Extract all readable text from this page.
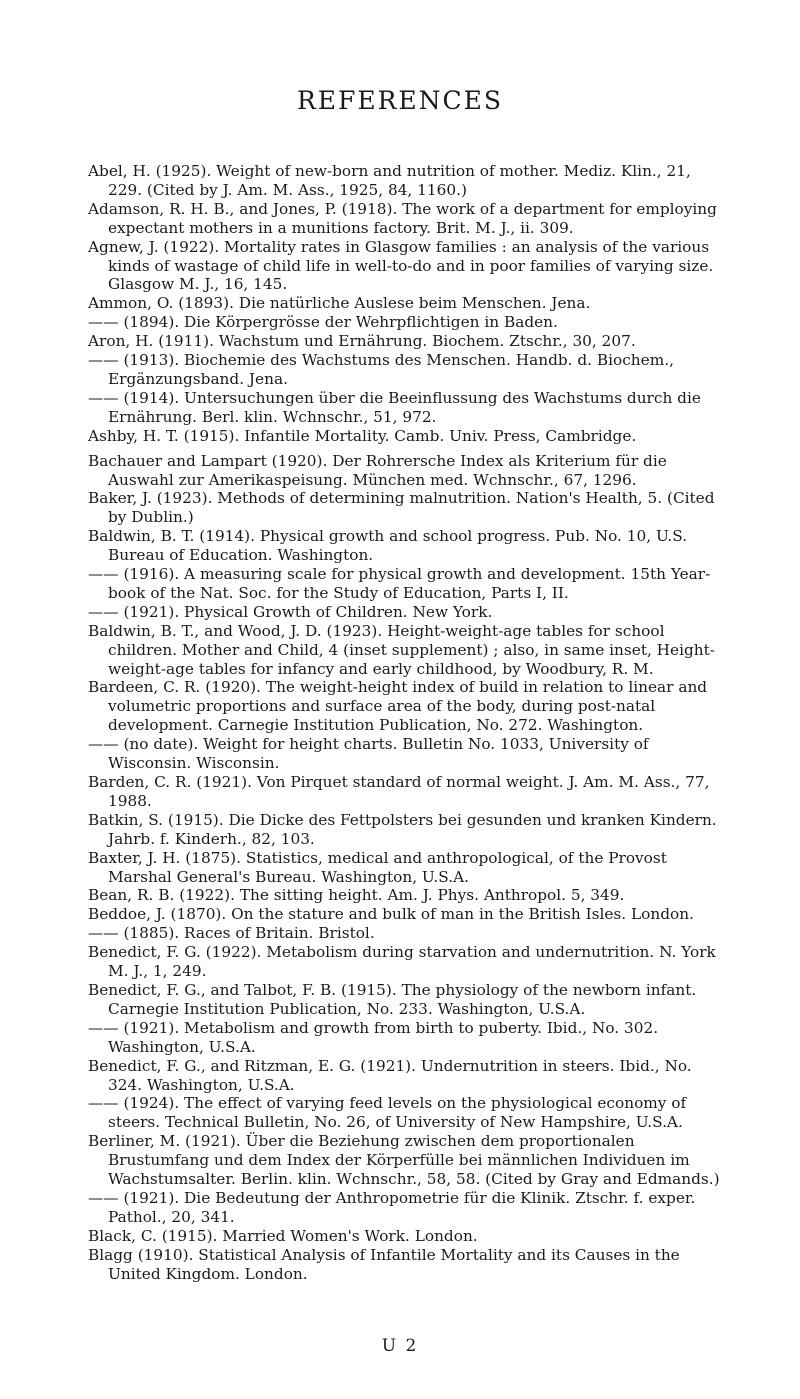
REFERENCES

Abel, H. (1925). Weight of new-born and nutrition of mother. Mediz. Klin., 21, 229. (Cited by J. Am. M. Ass., 1925, 84, 1160.)

Adamson, R. H. B., and Jones, P. (1918). The work of a department for employing expectant mothers in a munitions factory. Brit. M. J., ii. 309.

Agnew, J. (1922). Mortality rates in Glasgow families : an analysis of the various kinds of wastage of child life in well-to-do and in poor families of varying size. Glasgow M. J., 16, 145.

Ammon, O. (1893). Die natürliche Auslese beim Menschen. Jena.

—— (1894). Die Körpergrösse der Wehrpflichtigen in Baden.

Aron, H. (1911). Wachstum und Ernährung. Biochem. Ztschr., 30, 207.

—— (1913). Biochemie des Wachstums des Menschen. Handb. d. Biochem., Ergänzungsband. Jena.

—— (1914). Untersuchungen über die Beeinflussung des Wachstums durch die Ernährung. Berl. klin. Wchnschr., 51, 972.

Ashby, H. T. (1915). Infantile Mortality. Camb. Univ. Press, Cambridge.

Bachauer and Lampart (1920). Der Rohrersche Index als Kriterium für die Auswahl zur Amerikaspeisung. München med. Wchnschr., 67, 1296.

Baker, J. (1923). Methods of determining malnutrition. Nation's Health, 5. (Cited by Dublin.)

Baldwin, B. T. (1914). Physical growth and school progress. Pub. No. 10, U.S. Bureau of Education. Washington.

—— (1916). A measuring scale for physical growth and development. 15th Year-book of the Nat. Soc. for the Study of Education, Parts I, II.

—— (1921). Physical Growth of Children. New York.

Baldwin, B. T., and Wood, J. D. (1923). Height-weight-age tables for school children. Mother and Child, 4 (inset supplement) ; also, in same inset, Height-weight-age tables for infancy and early childhood, by Woodbury, R. M.

Bardeen, C. R. (1920). The weight-height index of build in relation to linear and volumetric proportions and surface area of the body, during post-natal development. Carnegie Institution Publication, No. 272. Washington.

—— (no date). Weight for height charts. Bulletin No. 1033, University of Wisconsin. Wisconsin.

Barden, C. R. (1921). Von Pirquet standard of normal weight. J. Am. M. Ass., 77, 1988.

Batkin, S. (1915). Die Dicke des Fettpolsters bei gesunden und kranken Kindern. Jahrb. f. Kinderh., 82, 103.

Baxter, J. H. (1875). Statistics, medical and anthropological, of the Provost Marshal General's Bureau. Washington, U.S.A.

Bean, R. B. (1922). The sitting height. Am. J. Phys. Anthropol. 5, 349.

Beddoe, J. (1870). On the stature and bulk of man in the British Isles. London.

—— (1885). Races of Britain. Bristol.

Benedict, F. G. (1922). Metabolism during starvation and undernutrition. N. York M. J., 1, 249.

Benedict, F. G., and Talbot, F. B. (1915). The physiology of the newborn infant. Carnegie Institution Publication, No. 233. Washington, U.S.A.

—— (1921). Metabolism and growth from birth to puberty. Ibid., No. 302. Washington, U.S.A.

Benedict, F. G., and Ritzman, E. G. (1921). Undernutrition in steers. Ibid., No. 324. Washington, U.S.A.

—— (1924). The effect of varying feed levels on the physiological economy of steers. Technical Bulletin, No. 26, of University of New Hampshire, U.S.A.

Berliner, M. (1921). Über die Beziehung zwischen dem proportionalen Brustumfang und dem Index der Körperfülle bei männlichen Individuen im Wachstumsalter. Berlin. klin. Wchnschr., 58, 58. (Cited by Gray and Edmands.)

—— (1921). Die Bedeutung der Anthropometrie für die Klinik. Ztschr. f. exper. Pathol., 20, 341.

Black, C. (1915). Married Women's Work. London.

Blagg (1910). Statistical Analysis of Infantile Mortality and its Causes in the United Kingdom. London.

U 2
